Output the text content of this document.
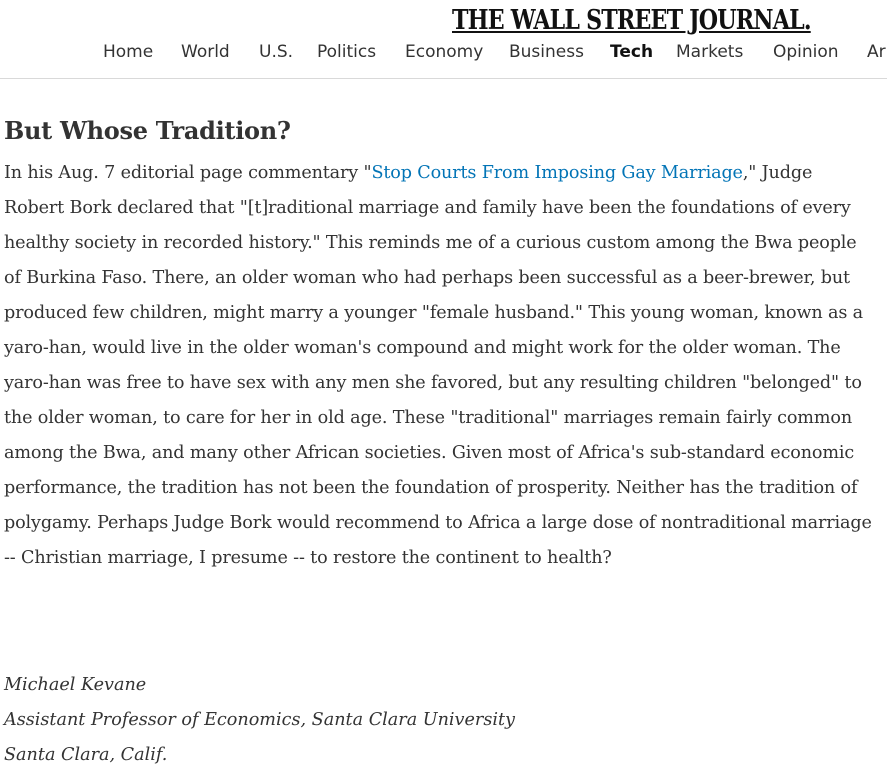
But Whose Tradition?

In his Aug. 7 editorial page commentary "Stop Courts From Imposing Gay Marriage," Judge Robert Bork declared that "[t]raditional marriage and family have been the foundations of every healthy society in recorded history." This reminds me of a curious custom among the Bwa people of Burkina Faso. There, an older woman who had perhaps been successful as a beer-brewer, but produced few children, might marry a younger "female husband." This young woman, known as a yaro-han, would live in the older woman's compound and might work for the older woman. The yaro-han was free to have sex with any men she favored, but any resulting children "belonged" to the older woman, to care for her in old age. These "traditional" marriages remain fairly common among the Bwa, and many other African societies. Given most of Africa's sub-standard economic performance, the tradition has not been the foundation of prosperity. Neither has the tradition of polygamy. Perhaps Judge Bork would recommend to Africa a large dose of nontraditional marriage -- Christian marriage, I presume -- to restore the continent to health?

Michael Kevane
Assistant Professor of Economics, Santa Clara University
Santa Clara, Calif.
THE WALL STREET JOURNAL.
Home World U.S. Politics Economy Business Tech Markets Opinion Ar
